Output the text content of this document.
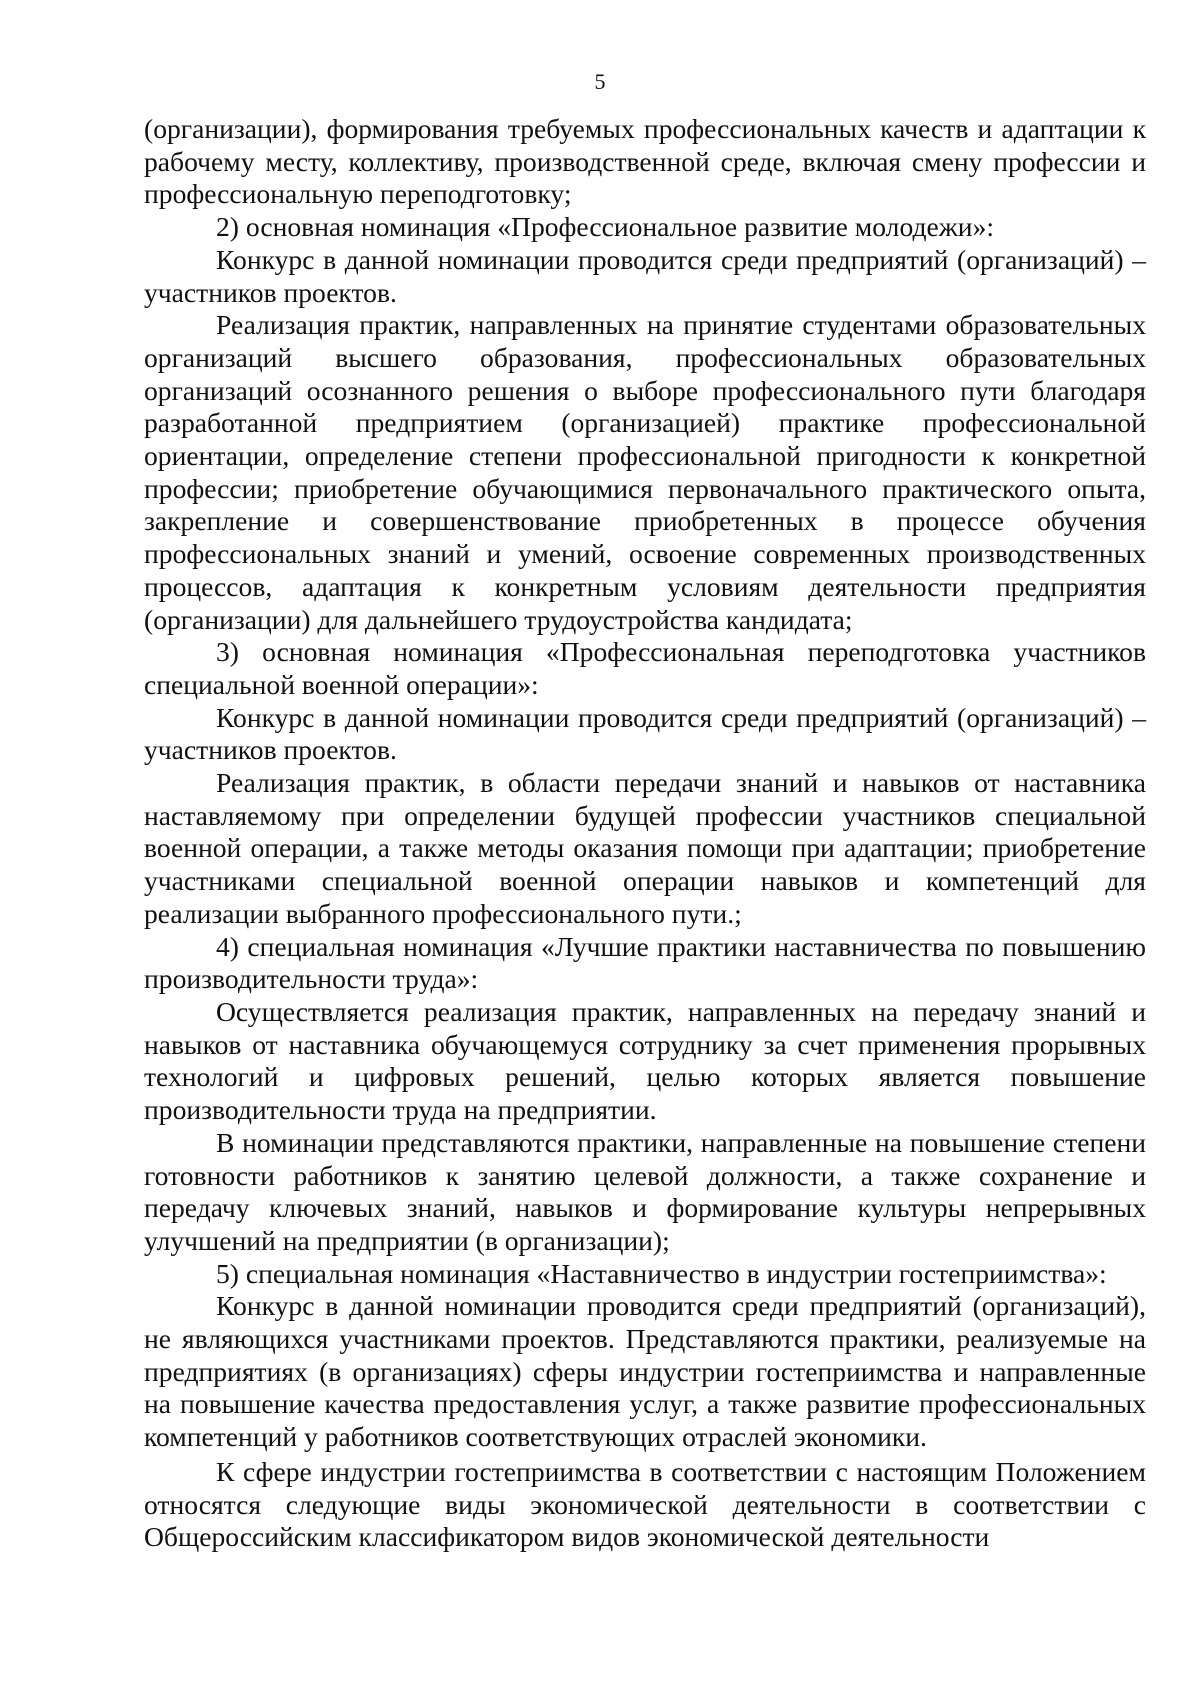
5

(организации), формирования требуемых профессиональных качеств и адаптации к рабочему месту, коллективу, производственной среде, включая смену профессии и профессиональную переподготовку;

2) основная номинация «Профессиональное развитие молодежи»:

Конкурс в данной номинации проводится среди предприятий (организаций) – участников проектов.

Реализация практик, направленных на принятие студентами образовательных организаций высшего образования, профессиональных образовательных организаций осознанного решения о выборе профессионального пути благодаря разработанной предприятием (организацией) практике профессиональной ориентации, определение степени профессиональной пригодности к конкретной профессии; приобретение обучающимися первоначального практического опыта, закрепление и совершенствование приобретенных в процессе обучения профессиональных знаний и умений, освоение современных производственных процессов, адаптация к конкретным условиям деятельности предприятия (организации) для дальнейшего трудоустройства кандидата;

3) основная номинация «Профессиональная переподготовка участников специальной военной операции»:

Конкурс в данной номинации проводится среди предприятий (организаций) – участников проектов.

Реализация практик, в области передачи знаний и навыков от наставника наставляемому при определении будущей профессии участников специальной военной операции, а также методы оказания помощи при адаптации; приобретение участниками специальной военной операции навыков и компетенций для реализации выбранного профессионального пути.;

4) специальная номинация «Лучшие практики наставничества по повышению производительности труда»:

Осуществляется реализация практик, направленных на передачу знаний и навыков от наставника обучающемуся сотруднику за счет применения прорывных технологий и цифровых решений, целью которых является повышение производительности труда на предприятии.

В номинации представляются практики, направленные на повышение степени готовности работников к занятию целевой должности, а также сохранение и передачу ключевых знаний, навыков и формирование культуры непрерывных улучшений на предприятии (в организации);

5) специальная номинация «Наставничество в индустрии гостеприимства»:

Конкурс в данной номинации проводится среди предприятий (организаций), не являющихся участниками проектов. Представляются практики, реализуемые на предприятиях (в организациях) сферы индустрии гостеприимства и направленные на повышение качества предоставления услуг, а также развитие профессиональных компетенций у работников соответствующих отраслей экономики.

К сфере индустрии гостеприимства в соответствии с настоящим Положением относятся следующие виды экономической деятельности в соответствии с Общероссийским классификатором видов экономической деятельности
